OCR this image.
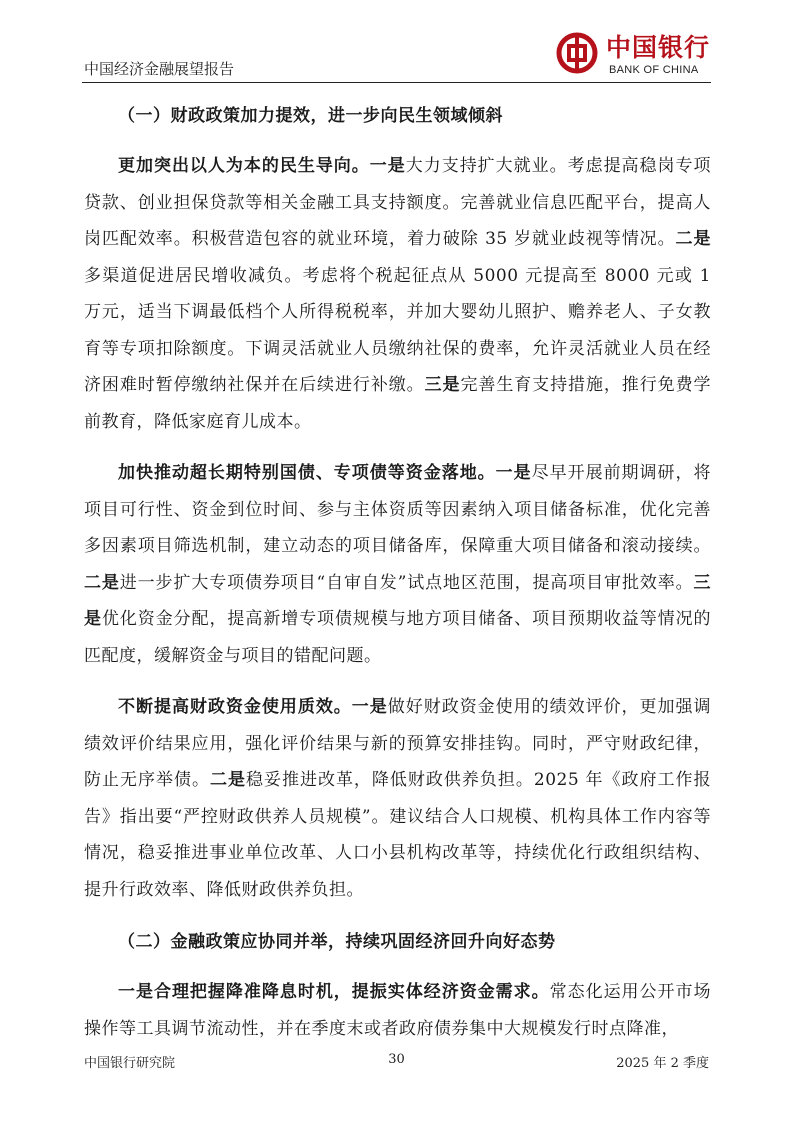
中国经济金融展望报告
中国银行
BANK OF CHINA

（一）财政政策加力提效，进一步向民生领域倾斜

更加突出以人为本的民生导向。一是大力支持扩大就业。考虑提高稳岗专项贷款、创业担保贷款等相关金融工具支持额度。完善就业信息匹配平台，提高人岗匹配效率。积极营造包容的就业环境，着力破除 35 岁就业歧视等情况。二是多渠道促进居民增收减负。考虑将个税起征点从 5000 元提高至 8000 元或 1 万元，适当下调最低档个人所得税税率，并加大婴幼儿照护、赡养老人、子女教育等专项扣除额度。下调灵活就业人员缴纳社保的费率，允许灵活就业人员在经济困难时暂停缴纳社保并在后续进行补缴。三是完善生育支持措施，推行免费学前教育，降低家庭育儿成本。

加快推动超长期特别国债、专项债等资金落地。一是尽早开展前期调研，将项目可行性、资金到位时间、参与主体资质等因素纳入项目储备标准，优化完善多因素项目筛选机制，建立动态的项目储备库，保障重大项目储备和滚动接续。二是进一步扩大专项债券项目“自审自发”试点地区范围，提高项目审批效率。三是优化资金分配，提高新增专项债规模与地方项目储备、项目预期收益等情况的匹配度，缓解资金与项目的错配问题。

不断提高财政资金使用质效。一是做好财政资金使用的绩效评价，更加强调绩效评价结果应用，强化评价结果与新的预算安排挂钩。同时，严守财政纪律，防止无序举债。二是稳妥推进改革，降低财政供养负担。2025 年《政府工作报告》指出要“严控财政供养人员规模”。建议结合人口规模、机构具体工作内容等情况，稳妥推进事业单位改革、人口小县机构改革等，持续优化行政组织结构、提升行政效率、降低财政供养负担。

（二）金融政策应协同并举，持续巩固经济回升向好态势

一是合理把握降准降息时机，提振实体经济资金需求。常态化运用公开市场操作等工具调节流动性，并在季度末或者政府债券集中大规模发行时点降准，

中国银行研究院	30	2025 年 2 季度
